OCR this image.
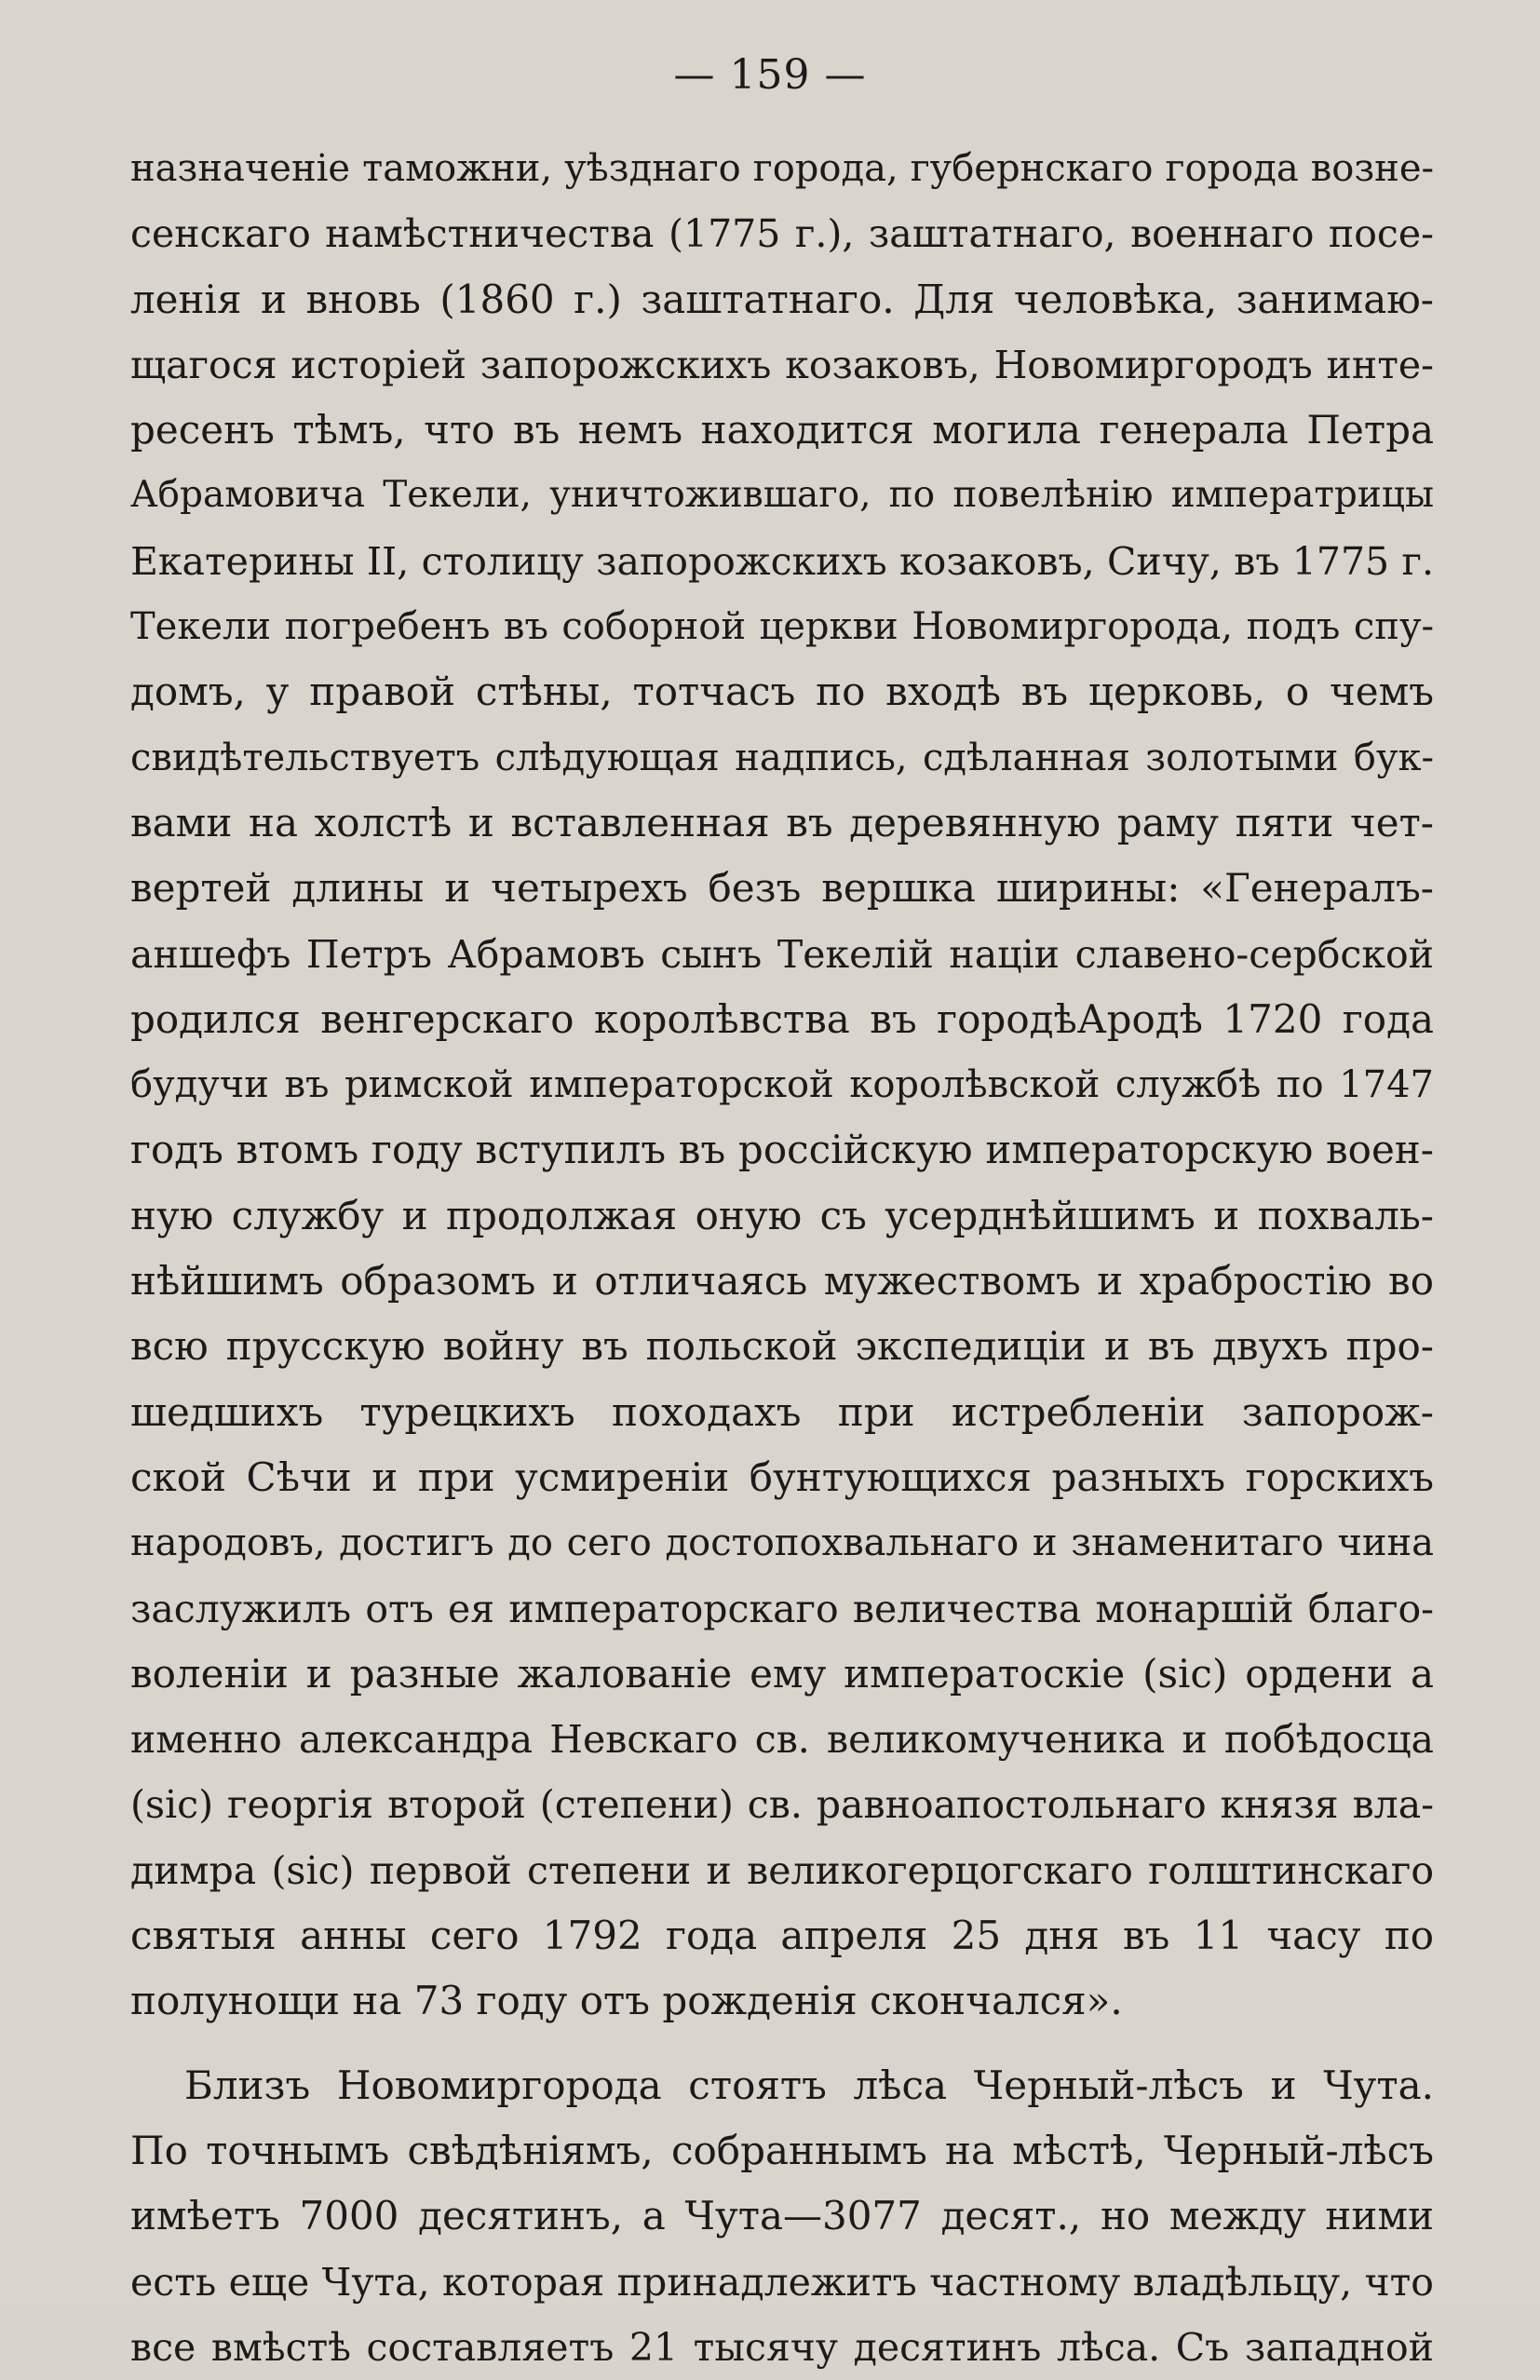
— 159 —
назначеніе таможни, уѣзднаго города, губернскаго города возне-
сенскаго намѣстничества (1775 г.), заштатнаго, военнаго посе-
ленія и вновь (1860 г.) заштатнаго. Для человѣка, занимаю-
щагося исторіей запорожскихъ козаковъ, Новомиргородъ инте-
ресенъ тѣмъ, что въ немъ находится могила генерала Петра
Абрамовича Текели, уничтожившаго, по повелѣнію императрицы
Екатерины II, столицу запорожскихъ козаковъ, Сичу, въ 1775 г.
Текели погребенъ въ соборной церкви Новомиргорода, подъ спу-
домъ, у правой стѣны, тотчасъ по входѣ въ церковь, о чемъ
свидѣтельствуетъ слѣдующая надпись, сдѣланная золотыми бук-
вами на холстѣ и вставленная въ деревянную раму пяти чет-
вертей длины и четырехъ безъ вершка ширины: «Генералъ-
аншефъ Петръ Абрамовъ сынъ Текелій націи славено-сербской
родился венгерскаго королѣвства въ городѣАродѣ 1720 года
будучи въ римской императорской королѣвской службѣ по 1747
годъ втомъ году вступилъ въ россійскую императорскую воен-
ную службу и продолжая оную съ усерднѣйшимъ и похваль-
нѣйшимъ образомъ и отличаясь мужествомъ и храбростію во
всю прусскую войну въ польской экспедиціи и въ двухъ про-
шедшихъ турецкихъ походахъ при истребленіи запорож-
ской Сѣчи и при усмиреніи бунтующихся разныхъ горскихъ
народовъ, достигъ до сего достопохвальнаго и знаменитаго чина
заслужилъ отъ ея императорскаго величества монаршій благо-
воленіи и разные жалованіе ему императоскіе (sic) ордени а
именно александра Невскаго св. великомученика и побѣдосца
(sic) георгія второй (степени) св. равноапостольнаго князя вла-
димра (sic) первой степени и великогерцогскаго голштинскаго
святыя анны сего 1792 года апреля 25 дня въ 11 часу по
полунощи на 73 году отъ рожденія скончался».
Близъ Новомиргорода стоятъ лѣса Черный-лѣсъ и Чута.
По точнымъ свѣдѣніямъ, собраннымъ на мѣстѣ, Черный-лѣсъ
имѣетъ 7000 десятинъ, а Чута—3077 десят., но между ними
есть еще Чута, которая принадлежитъ частному владѣльцу, что
все вмѣстѣ составляетъ 21 тысячу десятинъ лѣса. Съ западной
